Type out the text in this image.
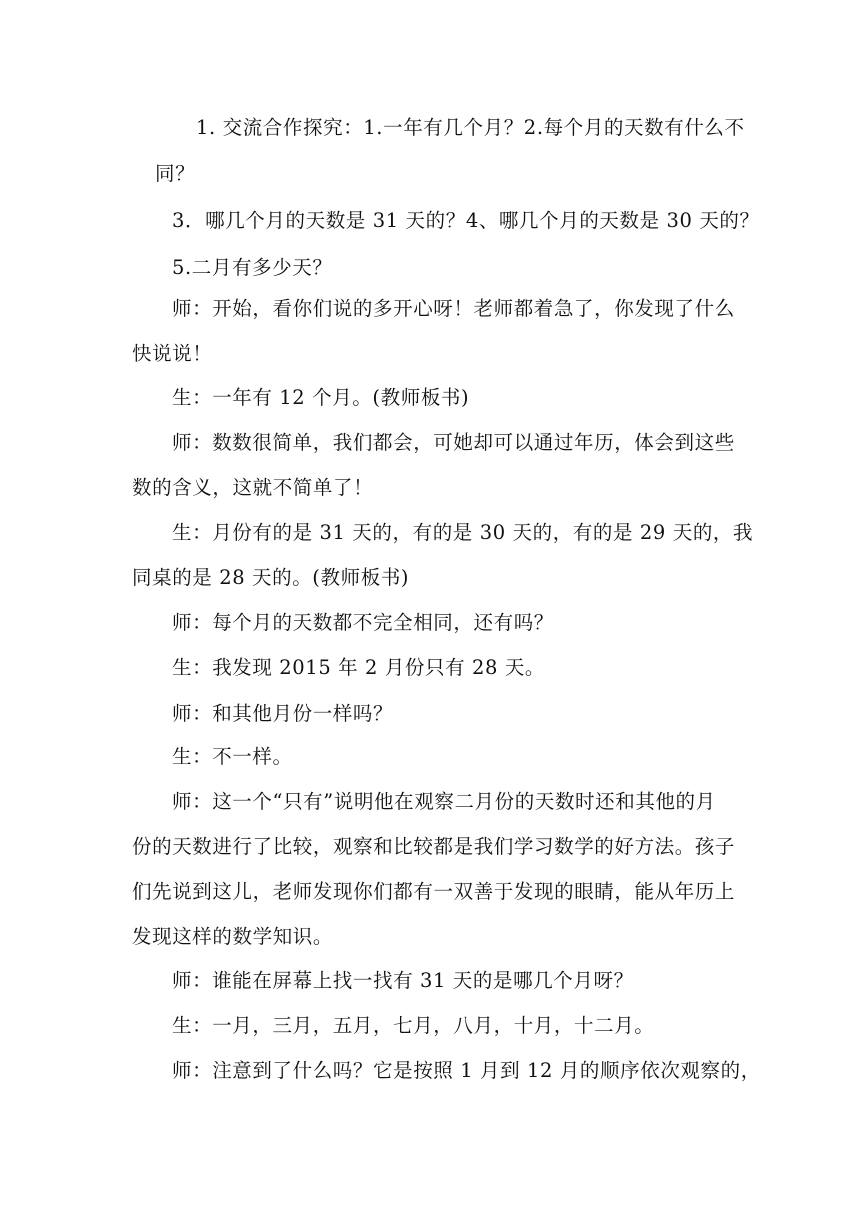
1. 交流合作探究：1.一年有几个月？2.每个月的天数有什么不
同？
3．哪几个月的天数是 31 天的？4、哪几个月的天数是 30 天的？
5.二月有多少天？
师：开始，看你们说的多开心呀！老师都着急了，你发现了什么
快说说！
生：一年有 12 个月。(教师板书)
师：数数很简单，我们都会，可她却可以通过年历，体会到这些
数的含义，这就不简单了！
生：月份有的是 31 天的，有的是 30 天的，有的是 29 天的，我
同桌的是 28 天的。(教师板书)
师：每个月的天数都不完全相同，还有吗？
生：我发现 2015 年 2 月份只有 28 天。
师：和其他月份一样吗？
生：不一样。
师：这一个“只有”说明他在观察二月份的天数时还和其他的月
份的天数进行了比较，观察和比较都是我们学习数学的好方法。孩子
们先说到这儿，老师发现你们都有一双善于发现的眼睛，能从年历上
发现这样的数学知识。
师：谁能在屏幕上找一找有 31 天的是哪几个月呀？
生：一月，三月，五月，七月，八月，十月，十二月。
师：注意到了什么吗？它是按照 1 月到 12 月的顺序依次观察的，
